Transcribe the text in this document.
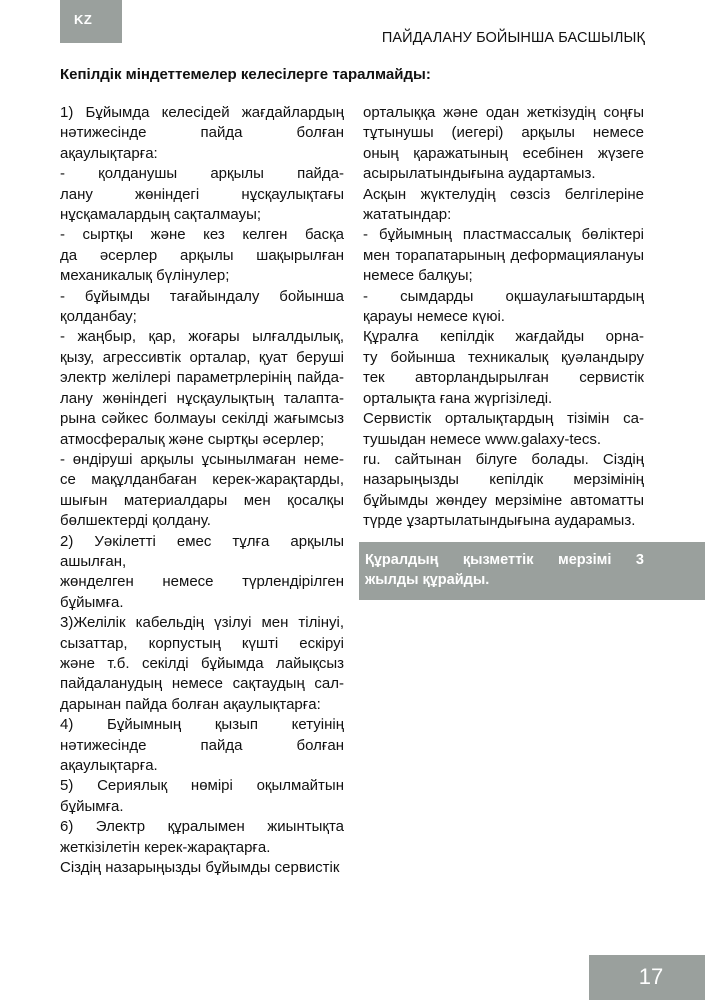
KZ
ПАЙДАЛАНУ БОЙЫНША БАСШЫЛЫҚ
Кепілдік міндеттемелер келесілерге таралмайды:
1) Бұйымда келесідей жағдайлардың
нәтижесінде пайда болған
ақаулықтарға:
- қолданушы арқылы пайда-
лану жөніндегі нұсқаулықтағы
нұсқамалардың сақталмауы;
- сыртқы және кез келген басқа
да әсерлер арқылы шақырылған
механикалық бүлінулер;
- бұйымды тағайындалу бойынша
қолданбау;
- жаңбыр, қар, жоғары ылғалдылық,
қызу, агрессивтік орталар, қуат беруші
электр желілері параметрлерінің пайда-
лану жөніндегі нұсқаулықтың талапта-
рына сәйкес болмауы секілді жағымсыз
атмосфералық және сыртқы әсерлер;
- өндіруші арқылы ұсынылмаған неме-
се мақұлданбаған керек-жарақтарды,
шығын материалдары мен қосалқы
бөлшектерді қолдану.
2) Уәкілетті емес тұлға арқылы ашылған,
жөнделген немесе түрлендірілген
бұйымға.
3)Желілік кабельдің үзілуі мен тілінуі,
сызаттар, корпустың күшті ескіруі
және т.б. секілді бұйымда лайықсыз
пайдаланудың немесе сақтаудың сал-
дарынан пайда болған ақаулықтарға:
4) Бұйымның қызып кетуінің
нәтижесінде пайда болған
ақаулықтарға.
5) Сериялық нөмірі оқылмайтын
бұйымға.
6) Электр құралымен жиынтықта
жеткізілетін керек-жарақтарға.
Сіздің назарыңызды бұйымды сервистік
орталыққа және одан жеткізудің соңғы
тұтынушы (иегері) арқылы немесе
оның қаражатының есебінен жүзеге
асырылатындығына аудартамыз.
Асқын жүктелудің сөзсіз белгілеріне
жататындар:
- бұйымның пластмассалық бөліктері
мен торапатарының деформациялануы
немесе балқуы;
- сымдарды оқшаулағыштардың
қарауы немесе күюі.
Құралға кепілдік жағдайды орна-
ту бойынша техникалық қуәландыру
тек авторландырылған сервистік
орталықта ғана жүргізіледі.
Сервистік орталықтардың тізімін са-
тушыдан немесе www.galaxy-tecs.
ru. сайтынан білуге болады. Сіздің
назарыңызды кепілдік мерзімінің
бұйымды жөндеу мерзіміне автоматты
түрде ұзартылатындығына аударамыз.
Құралдың қызметтік мерзімі 3
жылды құрайды.
17
